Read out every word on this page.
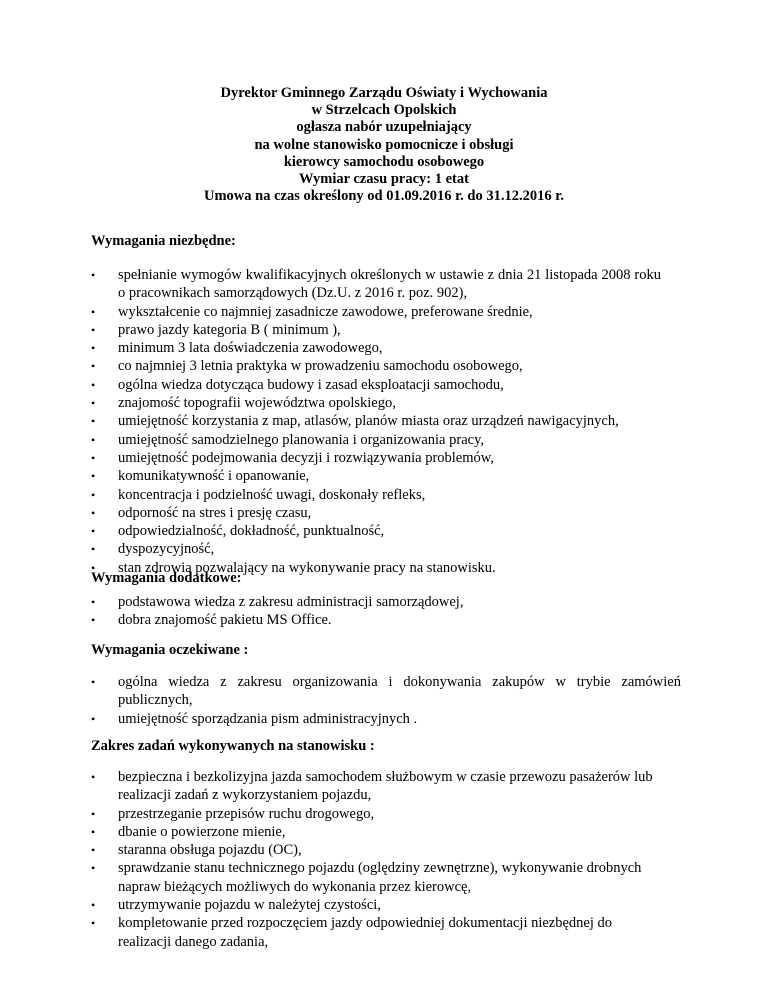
Dyrektor Gminnego Zarządu Oświaty i Wychowania
w Strzelcach Opolskich
ogłasza nabór uzupełniający
na wolne stanowisko pomocnicze i obsługi
kierowcy samochodu osobowego
Wymiar czasu pracy: 1 etat
Umowa na czas określony od 01.09.2016 r. do 31.12.2016 r.
Wymagania niezbędne:
• spełnianie wymogów kwalifikacyjnych określonych w ustawie z dnia 21 listopada 2008 roku o pracownikach samorządowych (Dz.U. z 2016 r. poz. 902),
• wykształcenie co najmniej zasadnicze zawodowe, preferowane średnie,
• prawo jazdy kategoria B ( minimum ),
• minimum 3 lata doświadczenia zawodowego,
• co najmniej 3 letnia praktyka w prowadzeniu samochodu osobowego,
• ogólna wiedza dotycząca budowy i zasad eksploatacji samochodu,
• znajomość topografii województwa opolskiego,
• umiejętność korzystania z map, atlasów, planów miasta oraz urządzeń nawigacyjnych,
• umiejętność samodzielnego planowania i organizowania pracy,
• umiejętność podejmowania decyzji i rozwiązywania problemów,
• komunikatywność i opanowanie,
• koncentracja i podzielność uwagi, doskonały refleks,
• odporność na stres i presję czasu,
• odpowiedzialność, dokładność, punktualność,
• dyspozycyjność,
• stan zdrowia pozwalający na wykonywanie pracy na stanowisku.
Wymagania dodatkowe:
• podstawowa wiedza z zakresu administracji samorządowej,
• dobra znajomość pakietu MS Office.
Wymagania oczekiwane :
• ogólna wiedza z zakresu organizowania i dokonywania zakupów w trybie zamówień publicznych,
• umiejętność sporządzania pism administracyjnych .
Zakres zadań wykonywanych na stanowisku :
• bezpieczna i bezkolizyjna jazda samochodem służbowym w czasie przewozu pasażerów lub realizacji zadań z wykorzystaniem pojazdu,
• przestrzeganie przepisów ruchu drogowego,
• dbanie o powierzone mienie,
• staranna obsługa pojazdu (OC),
• sprawdzanie stanu technicznego pojazdu (oględziny zewnętrzne), wykonywanie drobnych napraw bieżących możliwych do wykonania przez kierowcę,
• utrzymywanie pojazdu w należytej czystości,
• kompletowanie przed rozpoczęciem jazdy odpowiedniej dokumentacji niezbędnej do realizacji danego zadania,
